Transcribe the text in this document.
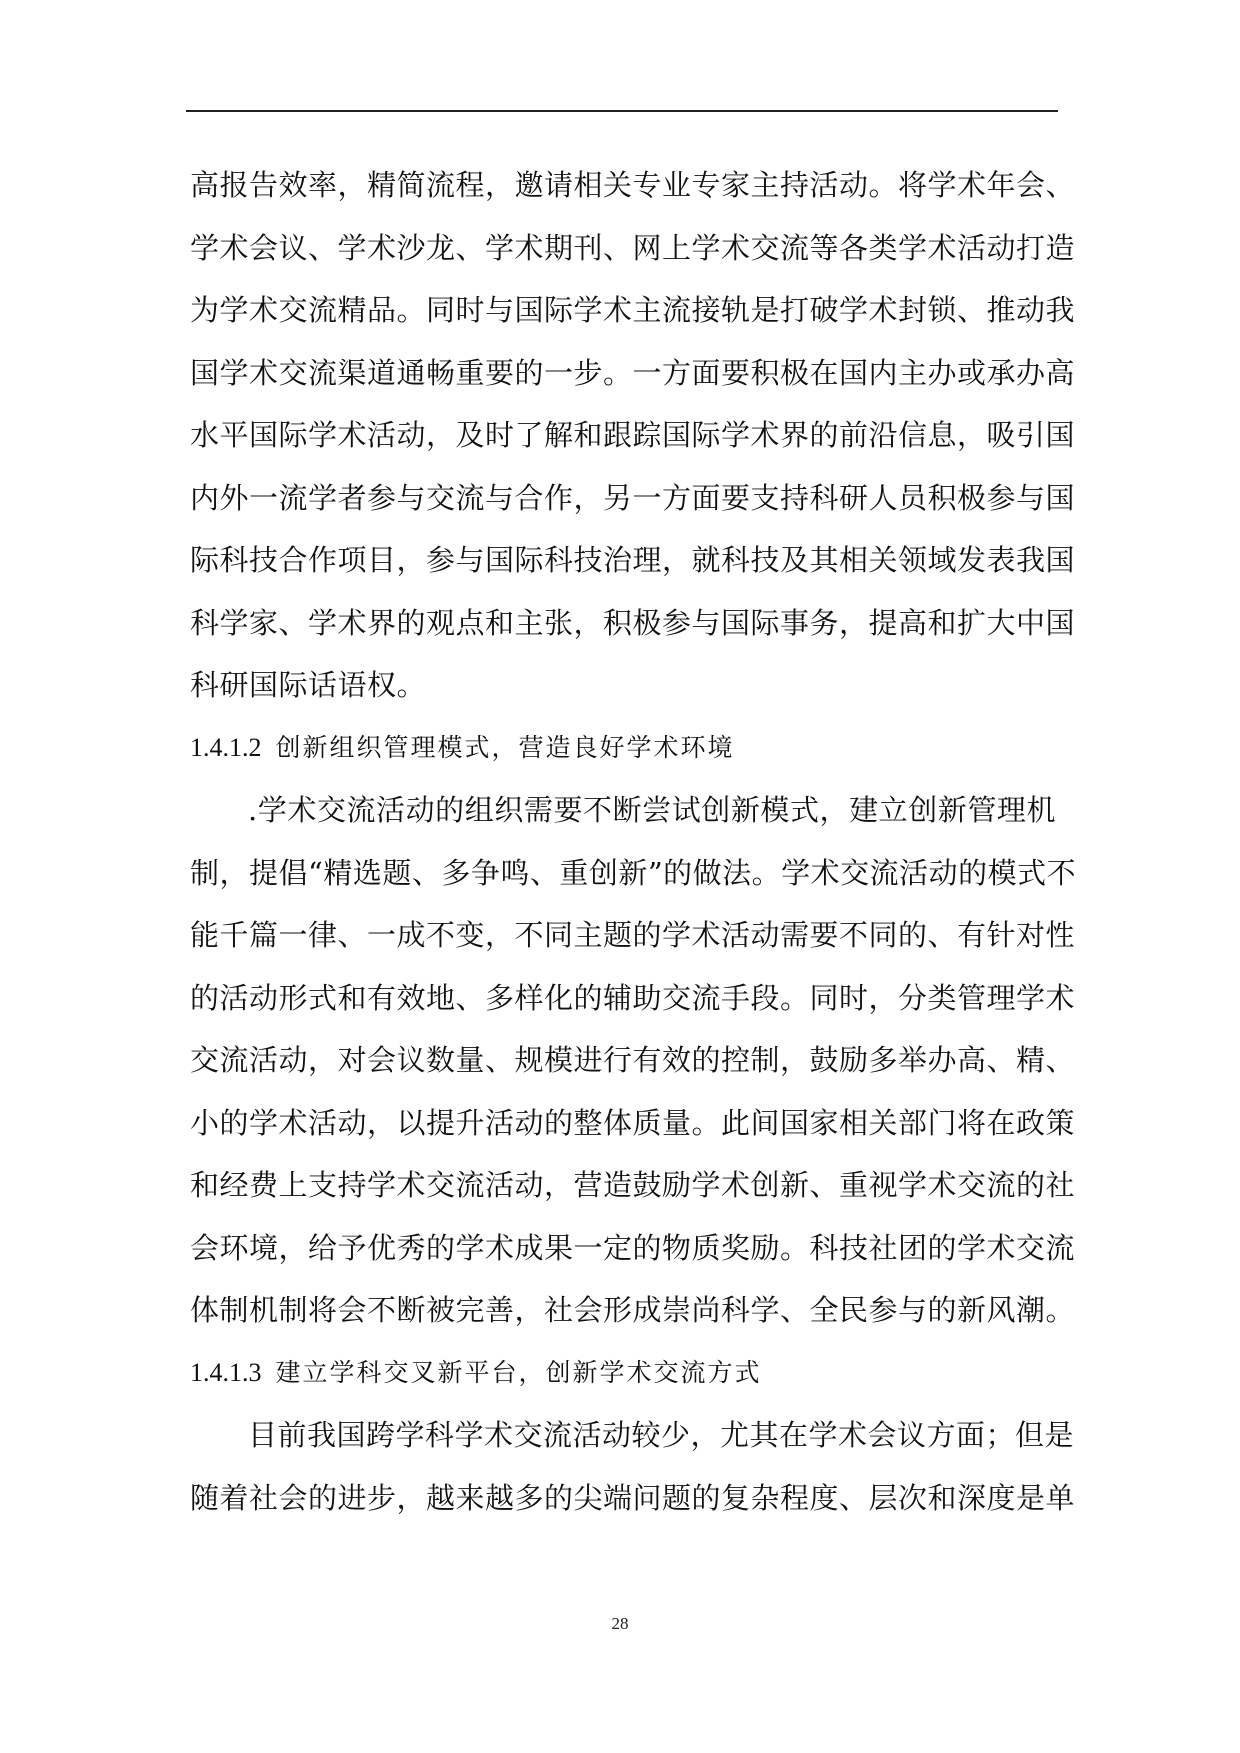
高报告效率，精简流程，邀请相关专业专家主持活动。将学术年会、
学术会议、学术沙龙、学术期刊、网上学术交流等各类学术活动打造
为学术交流精品。同时与国际学术主流接轨是打破学术封锁、推动我
国学术交流渠道通畅重要的一步。一方面要积极在国内主办或承办高
水平国际学术活动，及时了解和跟踪国际学术界的前沿信息，吸引国
内外一流学者参与交流与合作，另一方面要支持科研人员积极参与国
际科技合作项目，参与国际科技治理，就科技及其相关领域发表我国
科学家、学术界的观点和主张，积极参与国际事务，提高和扩大中国
科研国际话语权。
1.4.1.2 创新组织管理模式，营造良好学术环境
.学术交流活动的组织需要不断尝试创新模式，建立创新管理机
制，提倡“精选题、多争鸣、重创新”的做法。学术交流活动的模式不
能千篇一律、一成不变，不同主题的学术活动需要不同的、有针对性
的活动形式和有效地、多样化的辅助交流手段。同时，分类管理学术
交流活动，对会议数量、规模进行有效的控制，鼓励多举办高、精、
小的学术活动，以提升活动的整体质量。此间国家相关部门将在政策
和经费上支持学术交流活动，营造鼓励学术创新、重视学术交流的社
会环境，给予优秀的学术成果一定的物质奖励。科技社团的学术交流
体制机制将会不断被完善，社会形成崇尚科学、全民参与的新风潮。
1.4.1.3 建立学科交叉新平台，创新学术交流方式
目前我国跨学科学术交流活动较少，尤其在学术会议方面；但是
随着社会的进步，越来越多的尖端问题的复杂程度、层次和深度是单
28
